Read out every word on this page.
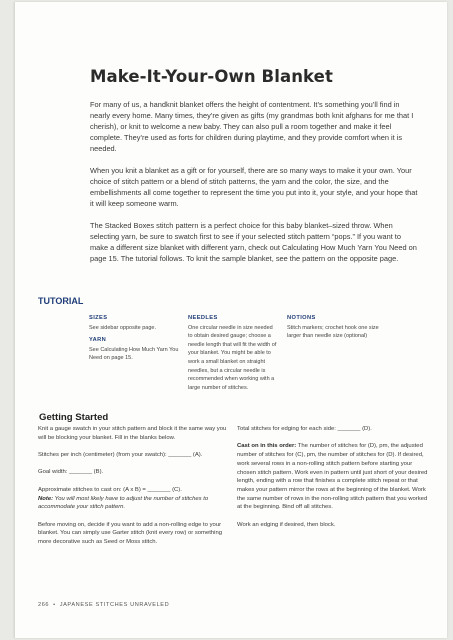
Make-It-Your-Own Blanket

For many of us, a handknit blanket offers the height of contentment. It’s something you’ll find in nearly every home. Many times, they’re given as gifts (my grandmas both knit afghans for me that I cherish), or knit to welcome a new baby. They can also pull a room together and make it feel complete. They’re used as forts for children during playtime, and they provide comfort when it is needed.

When you knit a blanket as a gift or for yourself, there are so many ways to make it your own. Your choice of stitch pattern or a blend of stitch patterns, the yarn and the color, the size, and the embellishments all come together to represent the time you put into it, your style, and your hope that it will keep someone warm.

The Stacked Boxes stitch pattern is a perfect choice for this baby blanket–sized throw. When selecting yarn, be sure to swatch first to see if your selected stitch pattern “pops.” If you want to make a different size blanket with different yarn, check out Calculating How Much Yarn You Need on page 15. The tutorial follows. To knit the sample blanket, see the pattern on the opposite page.

TUTORIAL
SIZES

See sidebar opposite page.

YARN

See Calculating How Much Yarn You Need on page 15.

NEEDLES

One circular needle in size needed to obtain desired gauge; choose a needle length that will fit the width of your blanket. You might be able to work a small blanket on straight needles, but a circular needle is recommended when working with a large number of stitches.

NOTIONS

Stitch markers; crochet hook one size larger than needle size (optional)

Getting Started

Knit a gauge swatch in your stitch pattern and block it the same way you will be blocking your blanket. Fill in the blanks below.

Stitches per inch (centimeter) (from your swatch): _______ (A).

Goal width: _______ (B).

Approximate stitches to cast on: (A x B) = _______ (C).
Note: You will most likely have to adjust the number of stitches to accommodate your stitch pattern.

Before moving on, decide if you want to add a non-rolling edge to your blanket. You can simply use Garter stitch (knit every row) or something more decorative such as Seed or Moss stitch.

Total stitches for edging for each side: _______ (D).

Cast on in this order: The number of stitches for (D), pm, the adjusted number of stitches for (C), pm, the number of stitches for (D). If desired, work several rows in a non-rolling stitch pattern before starting your chosen stitch pattern. Work even in pattern until just short of your desired length, ending with a row that finishes a complete stitch repeat or that makes your pattern mirror the rows at the beginning of the blanket. Work the same number of rows in the non-rolling stitch pattern that you worked at the beginning. Bind off all stitches.

Work an edging if desired, then block.

266 • JAPANESE STITCHES UNRAVELED
